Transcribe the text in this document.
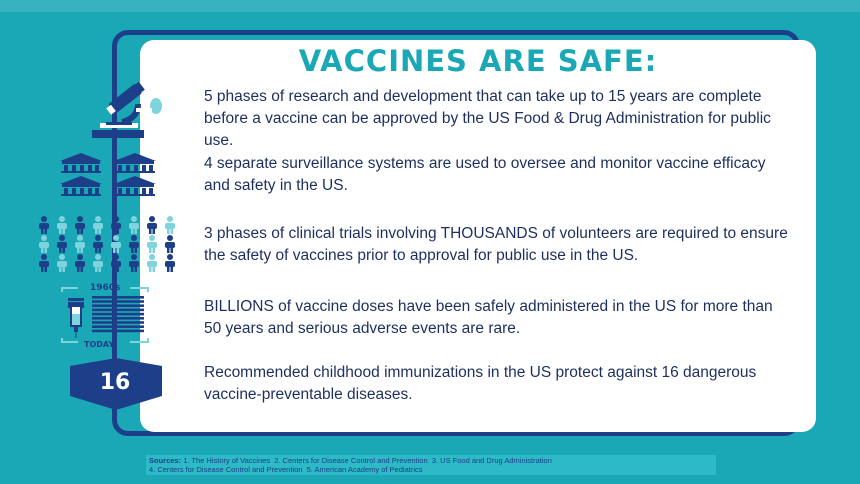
VACCINES ARE SAFE:
5 phases of research and development that can take up to 15 years are complete before a vaccine can be approved by the US Food & Drug Administration for public use.
4 separate surveillance systems are used to oversee and monitor vaccine efficacy and safety in the US.
3 phases of clinical trials involving THOUSANDS of volunteers are required to ensure the safety of vaccines prior to approval for public use in the US.
BILLIONS of vaccine doses have been safely administered in the US for more than 50 years and serious adverse events are rare.
Recommended childhood immunizations in the US protect against 16 dangerous vaccine-preventable diseases.
1960s
TODAY
16
Sources: 1. The History of Vaccines 2. Centers for Disease Control and Prevention 3. US Food and Drug Administration
4. Centers for Disease Control and Prevention 5. American Academy of Pediatrics
